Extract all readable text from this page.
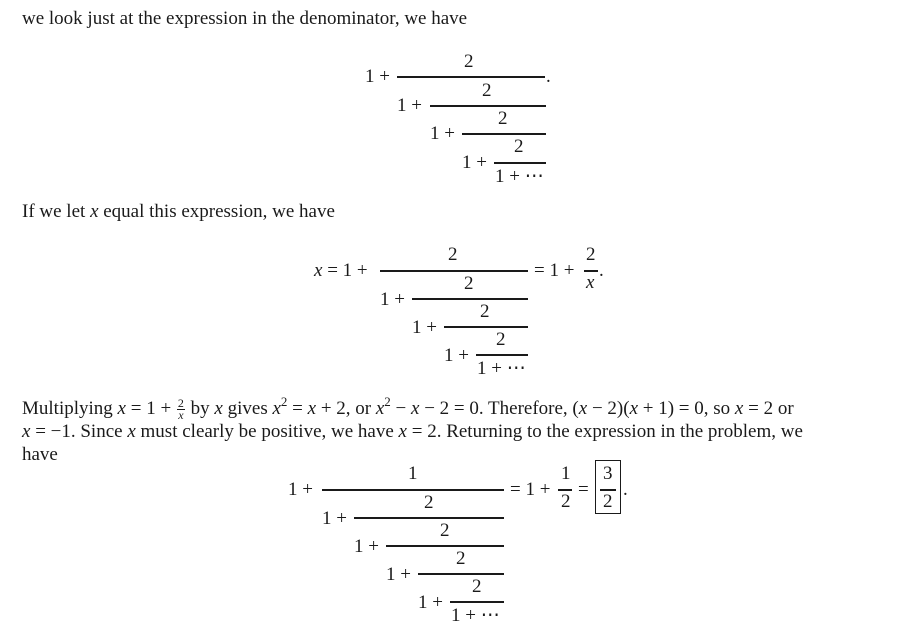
we look just at the expression in the denominator, we have
1 +
2
.
1 +
2
1 +
2
1 +
2
1 + ⋯
If we let x equal this expression, we have
x = 1 +
2
= 1 +
2
x
.
1 +
2
1 +
2
1 +
2
1 + ⋯
Multiplying $x = 1 + \frac{2}{x}$ by x gives $x^2 = x + 2$, or $x^2 - x - 2 = 0$. Therefore, (x − 2)(x + 1) = 0, so x = 2 or
x = −1. Since x must clearly be positive, we have x = 2. Returning to the expression in the problem, we
have
1 +
1
= 1 +
1
2
=
3
2
.
1 +
2
1 +
2
1 +
2
1 +
2
1 + ⋯
